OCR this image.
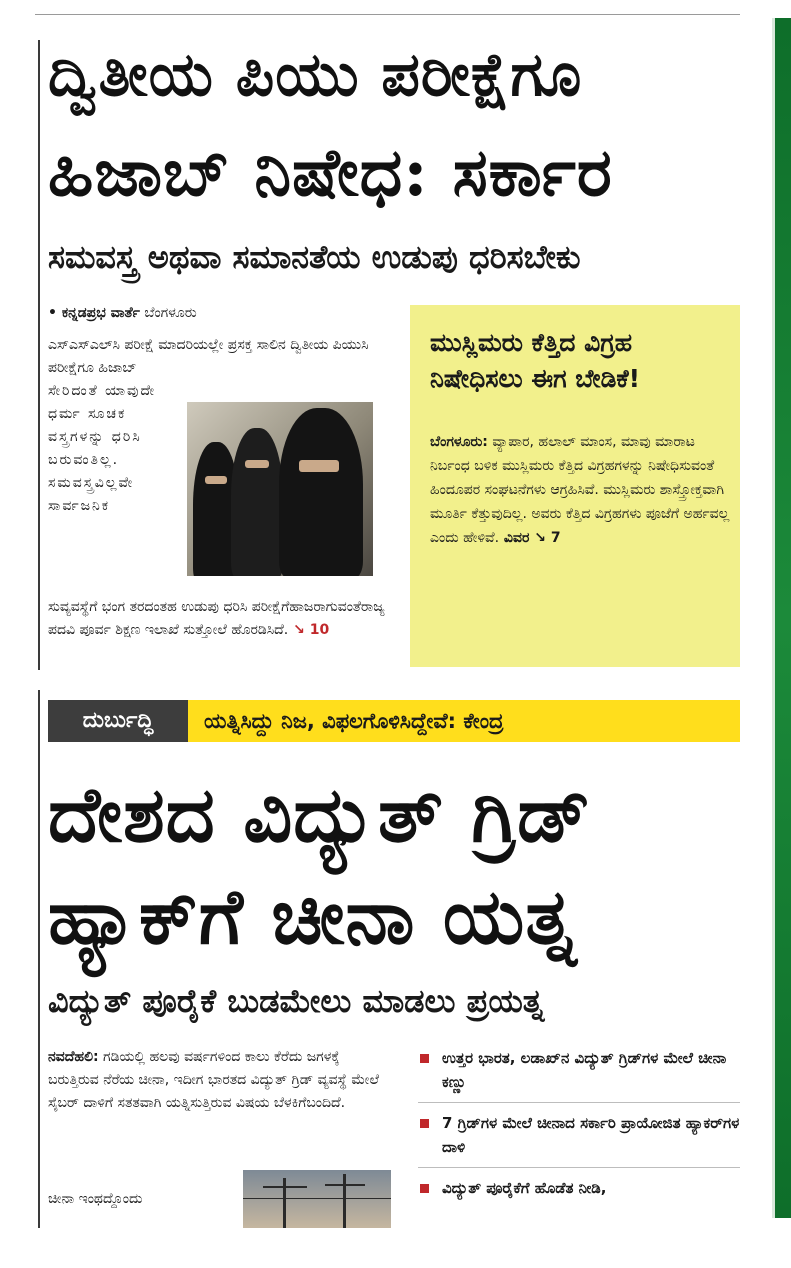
ದ್ವಿತೀಯ ಪಿಯು ಪರೀಕ್ಷೆಗೂ
ಹಿಜಾಬ್ ನಿಷೇಧ: ಸರ್ಕಾರ
ಸಮವಸ್ತ್ರ ಅಥವಾ ಸಮಾನತೆಯ ಉಡುಪು ಧರಿಸಬೇಕು
• ಕನ್ನಡಪ್ರಭ ವಾರ್ತೆ ಬೆಂಗಳೂರು
ಎಸ್‌ಎಸ್‌ಎಲ್‌ಸಿ ಪರೀಕ್ಷೆ ಮಾದರಿಯಲ್ಲೇ ಪ್ರಸಕ್ತ ಸಾಲಿನ ದ್ವಿತೀಯ ಪಿಯುಸಿ ಪರೀಕ್ಷೆಗೂ ಹಿಜಾಬ್
ಸೇರಿದಂತೆ ಯಾವುದೇ ಧರ್ಮ ಸೂಚಕ ವಸ್ತ್ರಗಳನ್ನು ಧರಿಸಿ ಬರುವಂತಿಲ್ಲ. ಸಮವಸ್ತ್ರವಿಲ್ಲವೇ ಸಾರ್ವಜನಿಕ
ಸುವ್ಯವಸ್ಥೆಗೆ ಭಂಗ ತರದಂತಹ ಉಡುಪು ಧರಿಸಿ ಪರೀಕ್ಷೆಗೆಹಾಜರಾಗುವಂತೆರಾಜ್ಯ ಪದವಿ ಪೂರ್ವ ಶಿಕ್ಷಣ ಇಲಾಖೆ ಸುತ್ತೋಲೆ ಹೊರಡಿಸಿದೆ. ↘ 10
ಮುಸ್ಲಿಮರು ಕೆತ್ತಿದ ವಿಗ್ರಹ ನಿಷೇಧಿಸಲು ಈಗ ಬೇಡಿಕೆ!
ಬೆಂಗಳೂರು: ವ್ಯಾಪಾರ, ಹಲಾಲ್ ಮಾಂಸ, ಮಾವು ಮಾರಾಟ ನಿರ್ಬಂಧ ಬಳಿಕ ಮುಸ್ಲಿಮರು ಕೆತ್ತಿದ ವಿಗ್ರಹಗಳನ್ನು ನಿಷೇಧಿಸುವಂತೆ ಹಿಂದೂಪರ ಸಂಘಟನೆಗಳು ಆಗ್ರಹಿಸಿವೆ. ಮುಸ್ಲಿಮರು ಶಾಸ್ತ್ರೋಕ್ತವಾಗಿ ಮೂರ್ತಿ ಕೆತ್ತುವುದಿಲ್ಲ. ಅವರು ಕೆತ್ತಿದ ವಿಗ್ರಹಗಳು ಪೂಜೆಗೆ ಅರ್ಹವಲ್ಲ ಎಂದು ಹೇಳಿವೆ. ವಿವರ ↘ 7
ದುರ್ಬುದ್ಧಿ	ಯತ್ನಿಸಿದ್ದು ನಿಜ, ವಿಫಲಗೊಳಿಸಿದ್ದೇವೆ: ಕೇಂದ್ರ
ದೇಶದ ವಿದ್ಯುತ್ ಗ್ರಿಡ್
ಹ್ಯಾಕ್‌ಗೆ ಚೀನಾ ಯತ್ನ
ವಿದ್ಯುತ್ ಪೂರೈಕೆ ಬುಡಮೇಲು ಮಾಡಲು ಪ್ರಯತ್ನ
ನವದೆಹಲಿ: ಗಡಿಯಲ್ಲಿ ಹಲವು ವರ್ಷಗಳಿಂದ ಕಾಲು ಕೆರೆದು ಜಗಳಕ್ಕೆ ಬರುತ್ತಿರುವ ನೆರೆಯ ಚೀನಾ, ಇದೀಗ ಭಾರತದ ವಿದ್ಯುತ್ ಗ್ರಿಡ್ ವ್ಯವಸ್ಥೆ ಮೇಲೆ ಸೈಬರ್ ದಾಳಿಗೆ ಸತತವಾಗಿ ಯತ್ನಿಸುತ್ತಿರುವ ವಿಷಯ ಬೆಳಕಿಗೆಬಂದಿದೆ.
ಚೀನಾ ಇಂಥದ್ದೊಂದು
ಉತ್ತರ ಭಾರತ, ಲಡಾಖ್‌ನ ವಿದ್ಯುತ್ ಗ್ರಿಡ್‌ಗಳ ಮೇಲೆ ಚೀನಾ ಕಣ್ಣು
7 ಗ್ರಿಡ್‌ಗಳ ಮೇಲೆ ಚೀನಾದ ಸರ್ಕಾರಿ ಪ್ರಾಯೋಜಿತ ಹ್ಯಾಕರ್‌ಗಳ ದಾಳಿ
ವಿದ್ಯುತ್ ಪೂರೈಕೆಗೆ ಹೊಡೆತ ನೀಡಿ,
